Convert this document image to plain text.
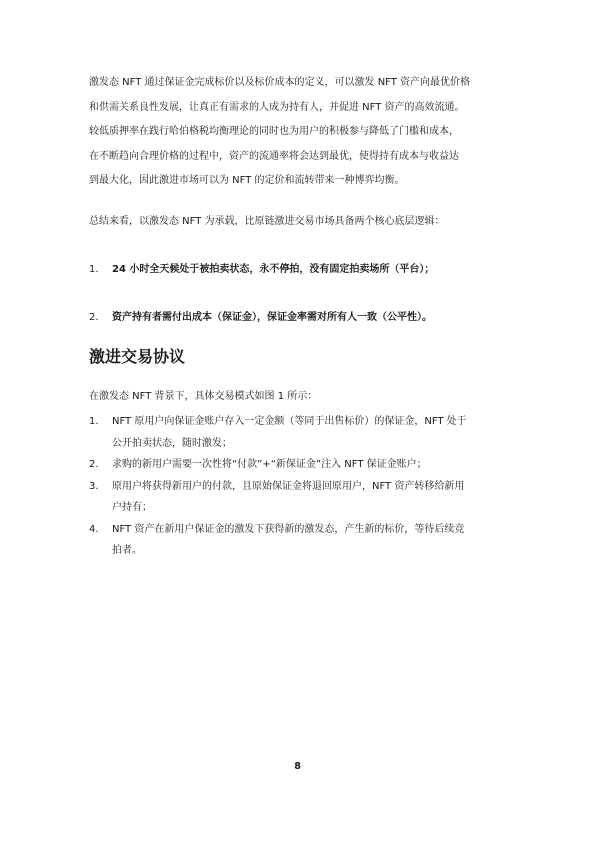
激发态 NFT 通过保证金完成标价以及标价成本的定义，可以激发 NFT 资产向最优价格
和供需关系良性发展，让真正有需求的人成为持有人，并促进 NFT 资产的高效流通。
较低质押率在践行哈伯格税均衡理论的同时也为用户的积极参与降低了门槛和成本，
在不断趋向合理价格的过程中，资产的流通率将会达到最优，使得持有成本与收益达
到最大化，因此激进市场可以为 NFT 的定价和流转带来一种博弈均衡。
总结来看，以激发态 NFT 为承载，比原链激进交易市场具备两个核心底层逻辑：
1. 24 小时全天候处于被拍卖状态，永不停拍，没有固定拍卖场所（平台）；
2. 资产持有者需付出成本（保证金），保证金率需对所有人一致（公平性）。
激进交易协议
在激发态 NFT 背景下，具体交易模式如图 1 所示：
1. NFT 原用户向保证金账户存入一定金额（等同于出售标价）的保证金，NFT 处于
公开拍卖状态，随时激发；
2. 求购的新用户需要一次性将“付款”+“新保证金”注入 NFT 保证金账户；
3. 原用户将获得新用户的付款，且原始保证金将退回原用户，NFT 资产转移给新用
户持有；
4. NFT 资产在新用户保证金的激发下获得新的激发态，产生新的标价，等待后续竞
拍者。
8
